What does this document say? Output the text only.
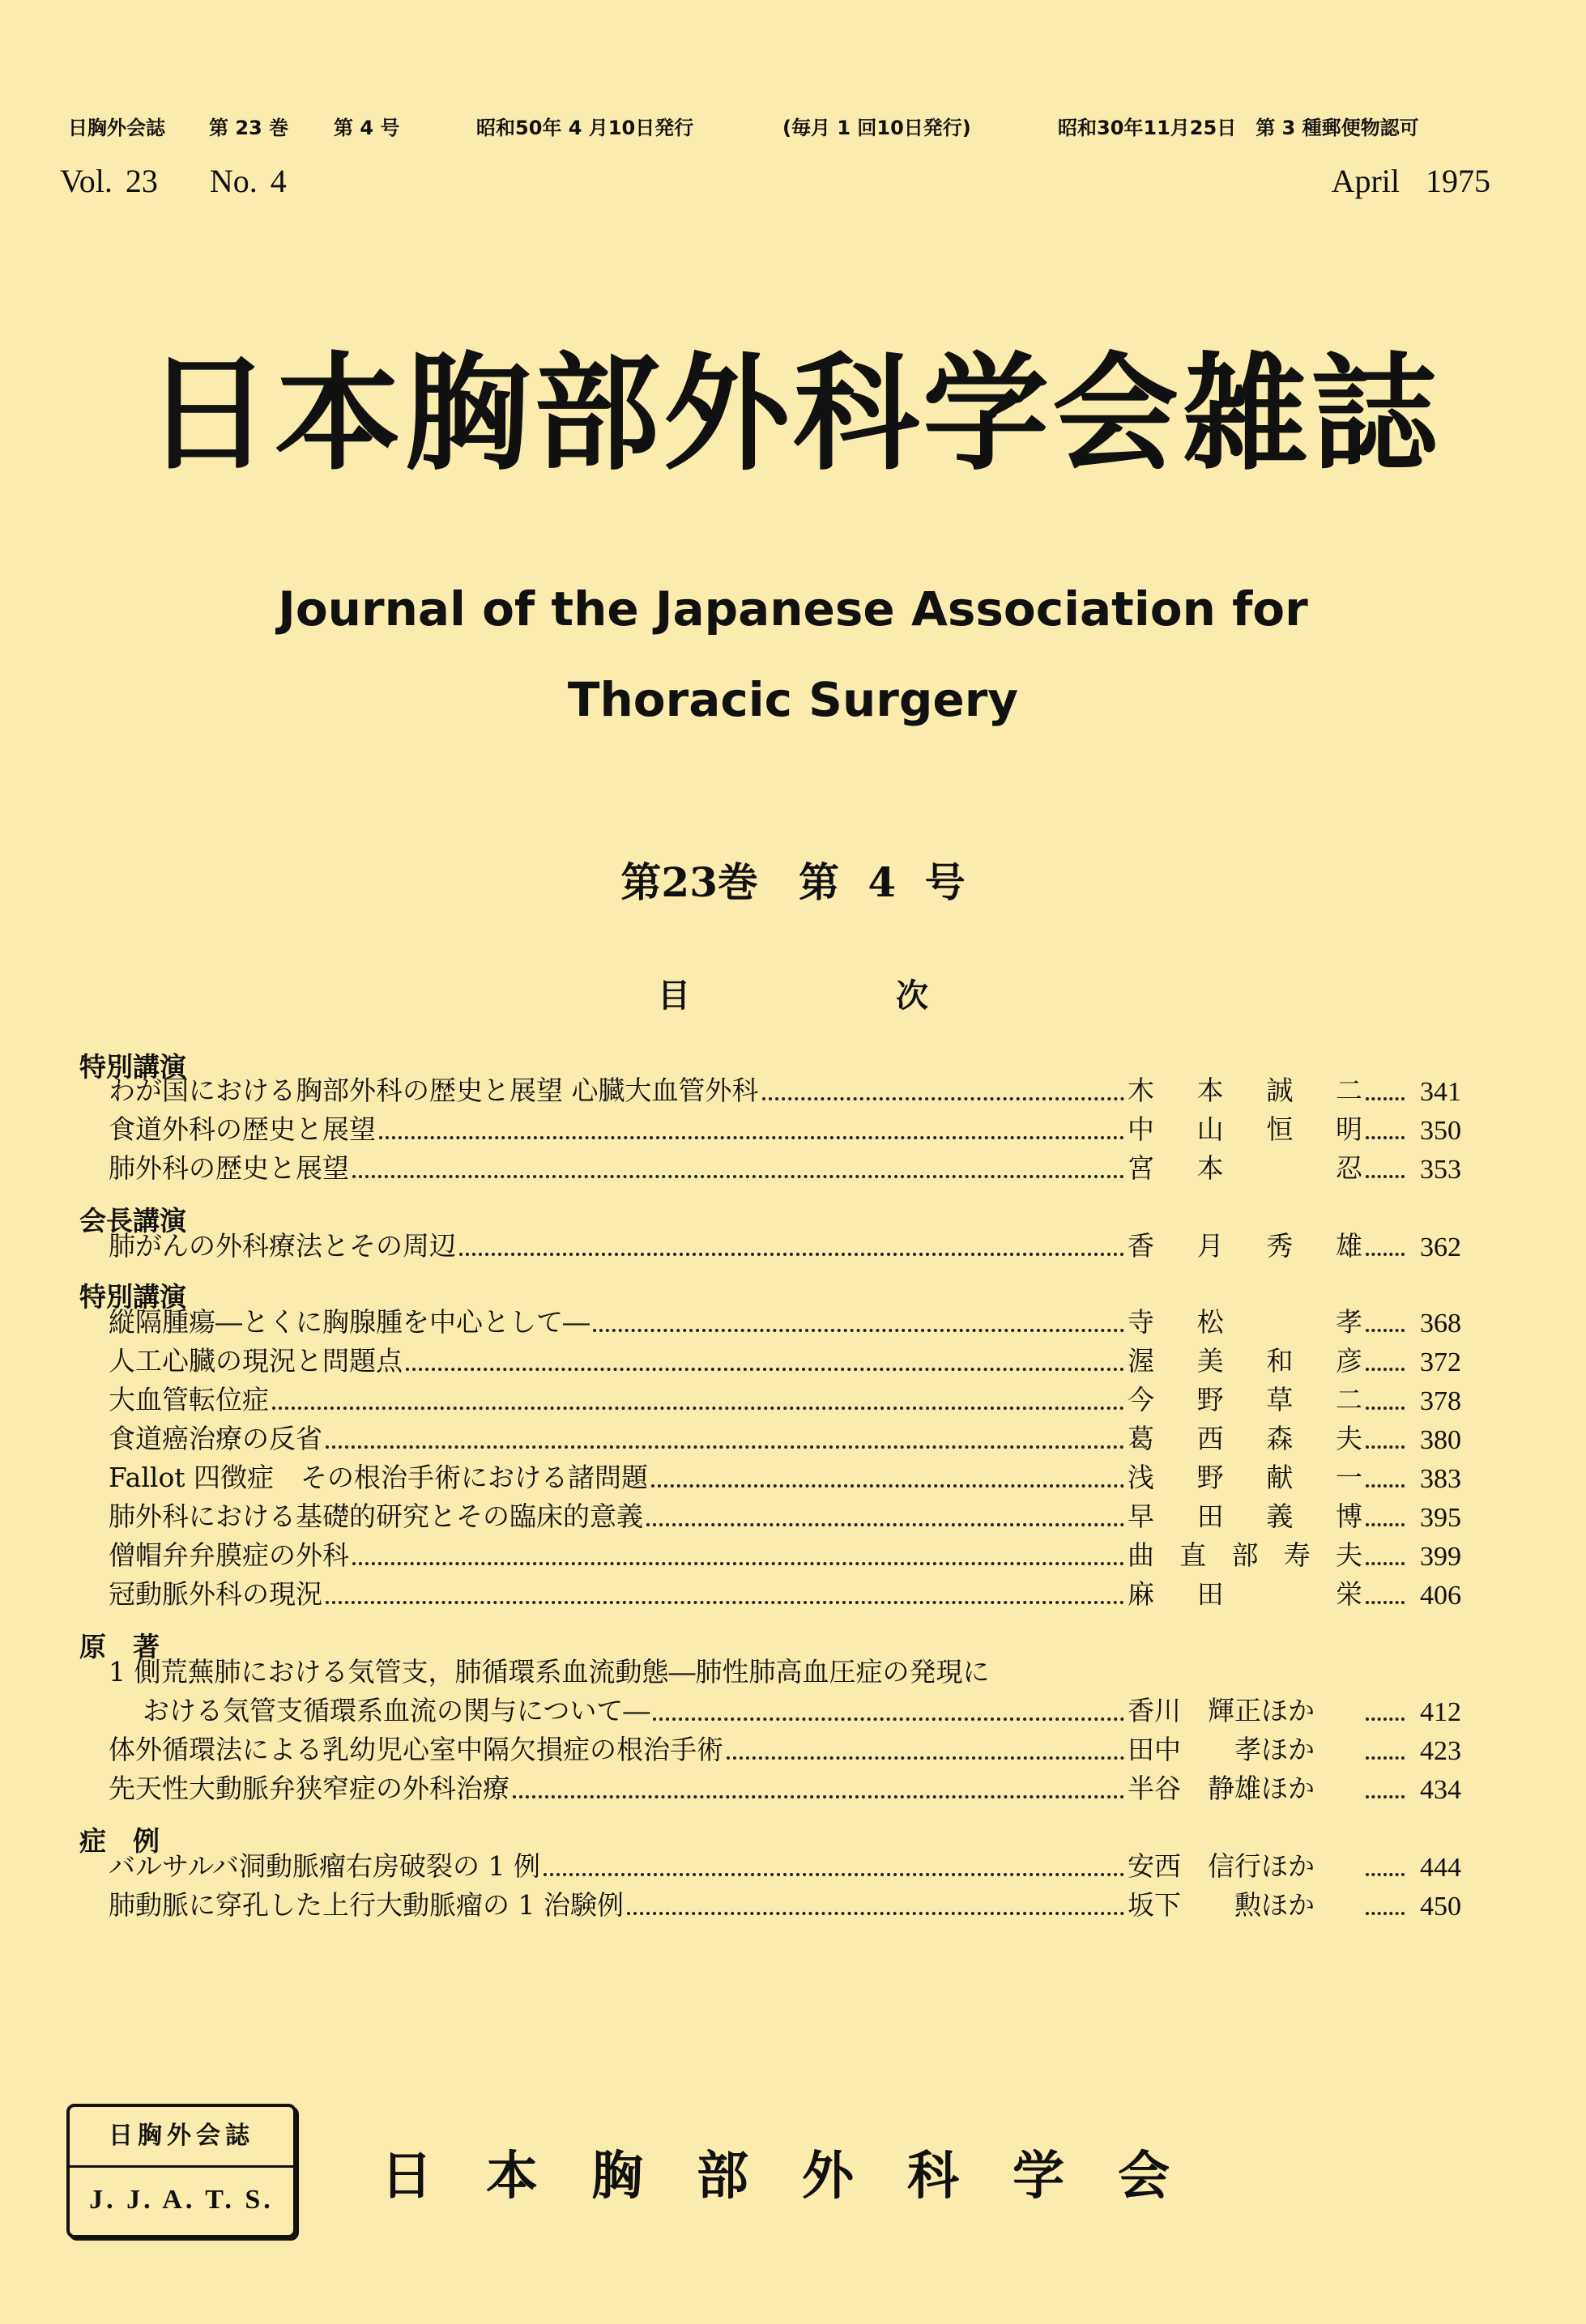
日胸外会誌 第 23 巻 第 4 号	昭和50年 4 月10日発行	(毎月 1 回10日発行)	昭和30年11月25日　第 3 種郵便物認可
Vol. 23 No. 4	April  1975
日本胸部外科学会雑誌
Journal of the Japanese Association for
Thoracic Surgery
第23巻　第 4 号
目 次
特別講演
わが国における胸部外科の歴史と展望 心臓大血管外科	木本誠二	341
食道外科の歴史と展望	中山恒明	350
肺外科の歴史と展望	宮本　忍	353
会長講演
肺がんの外科療法とその周辺	香月秀雄	362
特別講演
縦隔腫瘍―とくに胸腺腫を中心として―	寺松　孝	368
人工心臓の現況と問題点	渥美和彦	372
大血管転位症	今野草二	378
食道癌治療の反省	葛西森夫	380
Fallot 四徴症　その根治手術における諸問題	浅野献一	383
肺外科における基礎的研究とその臨床的意義	早田義博	395
僧帽弁弁膜症の外科	曲直部寿夫	399
冠動脈外科の現況	麻田　栄	406
原　著
1 側荒蕪肺における気管支，肺循環系血流動態―肺性肺高血圧症の発現に
おける気管支循環系血流の関与について―	香川　輝正ほか	412
体外循環法による乳幼児心室中隔欠損症の根治手術	田中　　孝ほか	423
先天性大動脈弁狭窄症の外科治療	半谷　静雄ほか	434
症　例
バルサルバ洞動脈瘤右房破裂の 1 例	安西　信行ほか	444
肺動脈に穿孔した上行大動脈瘤の 1 治験例	坂下　　勲ほか	450
日胸外会誌
J. J. A. T. S.	日本胸部外科学会
